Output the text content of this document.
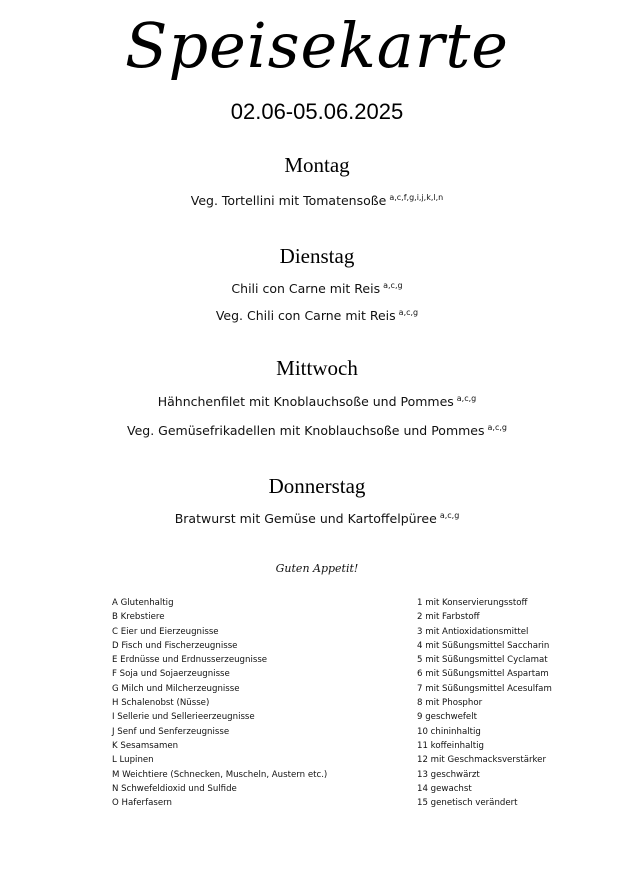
Speisekarte
02.06-05.06.2025
Montag
Veg. Tortellini mit Tomatensoße $^{a,c,f,g,i,j,k,l,n}$
Dienstag
Chili con Carne mit Reis $^{a,c,g}$
Veg. Chili con Carne mit Reis $^{a,c,g}$
Mittwoch
Hähnchenfilet mit Knoblauchsoße und Pommes $^{a,c,g}$
Veg. Gemüsefrikadellen mit Knoblauchsoße und Pommes $^{a,c,g}$
Donnerstag
Bratwurst mit Gemüse und Kartoffelpüree $^{a,c,g}$
Guten Appetit!
A Glutenhaltig
B Krebstiere
C Eier und Eierzeugnisse
D Fisch und Fischerzeugnisse
E Erdnüsse und Erdnusserzeugnisse
F Soja und Sojaerzeugnisse
G Milch und Milcherzeugnisse
H Schalenobst (Nüsse)
I Sellerie und Sellerieerzeugnisse
J Senf und Senferzeugnisse
K Sesamsamen
L Lupinen
M Weichtiere (Schnecken, Muscheln, Austern etc.)
N Schwefeldioxid und Sulfide
O Haferfasern
1 mit Konservierungsstoff
2 mit Farbstoff
3 mit Antioxidationsmittel
4 mit Süßungsmittel Saccharin
5 mit Süßungsmittel Cyclamat
6 mit Süßungsmittel Aspartam
7 mit Süßungsmittel Acesulfam
8 mit Phosphor
9 geschwefelt
10 chininhaltig
11 koffeinhaltig
12 mit Geschmacksverstärker
13 geschwärzt
14 gewachst
15 genetisch verändert
